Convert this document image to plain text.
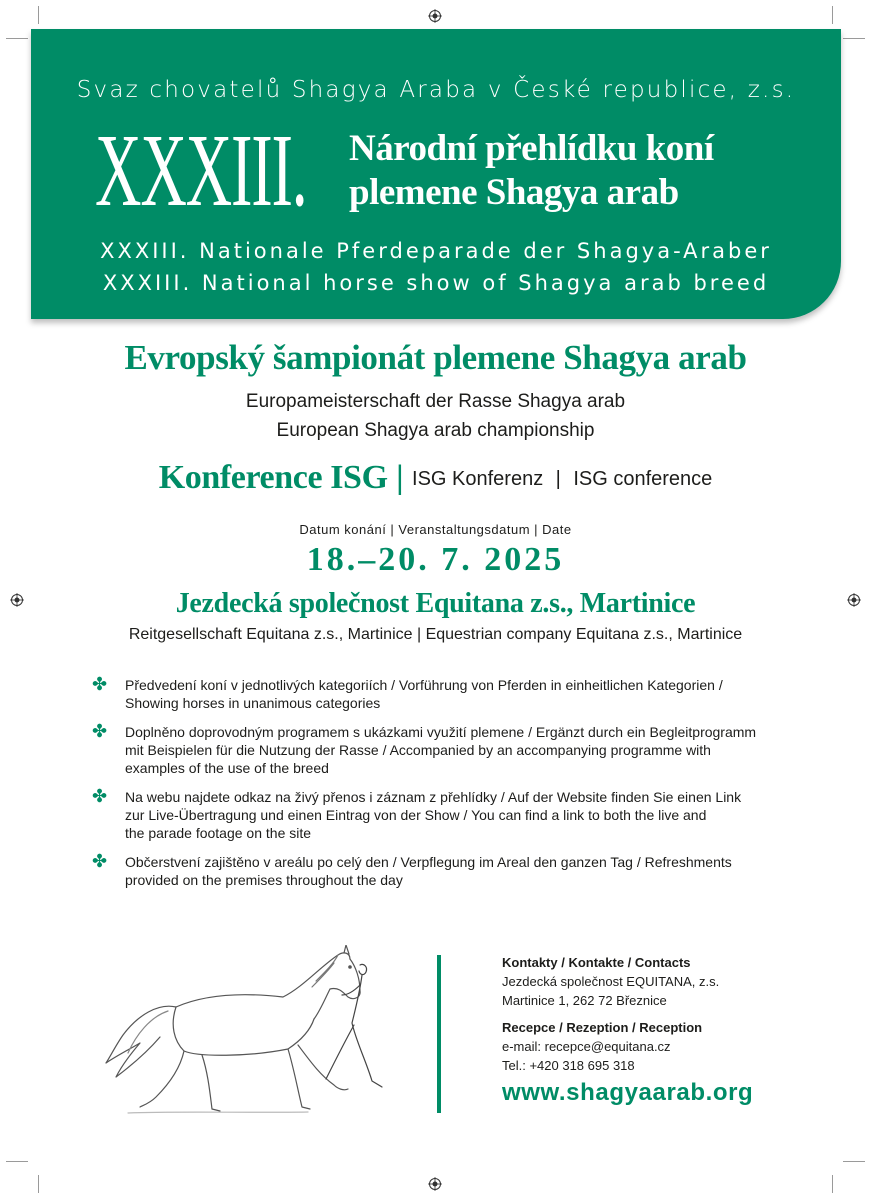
Svaz chovatelů Shagya Araba v České republice, z.s.
XXXIII. Národní přehlídku koní
plemene Shagya arab
XXXIII. Nationale Pferdeparade der Shagya-Araber
XXXIII. National horse show of Shagya arab breed
Evropský šampionát plemene Shagya arab
Europameisterschaft der Rasse Shagya arab
European Shagya arab championship
Konference ISG | ISG Konferenz | ISG conference
Datum konání | Veranstaltungsdatum | Date
18.–20. 7. 2025
Jezdecká společnost Equitana z.s., Martinice
Reitgesellschaft Equitana z.s., Martinice | Equestrian company Equitana z.s., Martinice
✤ Předvedení koní v jednotlivých kategoriích / Vorführung von Pferden in einheitlichen Kategorien /
Showing horses in unanimous categories
✤ Doplněno doprovodným programem s ukázkami využití plemene / Ergänzt durch ein Begleitprogramm
mit Beispielen für die Nutzung der Rasse / Accompanied by an accompanying programme with
examples of the use of the breed
✤ Na webu najdete odkaz na živý přenos i záznam z přehlídky / Auf der Website finden Sie einen Link
zur Live-Übertragung und einen Eintrag von der Show / You can find a link to both the live and
the parade footage on the site
✤ Občerstvení zajištěno v areálu po celý den / Verpflegung im Areal den ganzen Tag / Refreshments
provided on the premises throughout the day
Kontakty / Kontakte / Contacts
Jezdecká společnost EQUITANA, z.s.
Martinice 1, 262 72 Březnice
Recepce / Rezeption / Reception
e-mail: recepce@equitana.cz
Tel.: +420 318 695 318
www.shagyaarab.org
